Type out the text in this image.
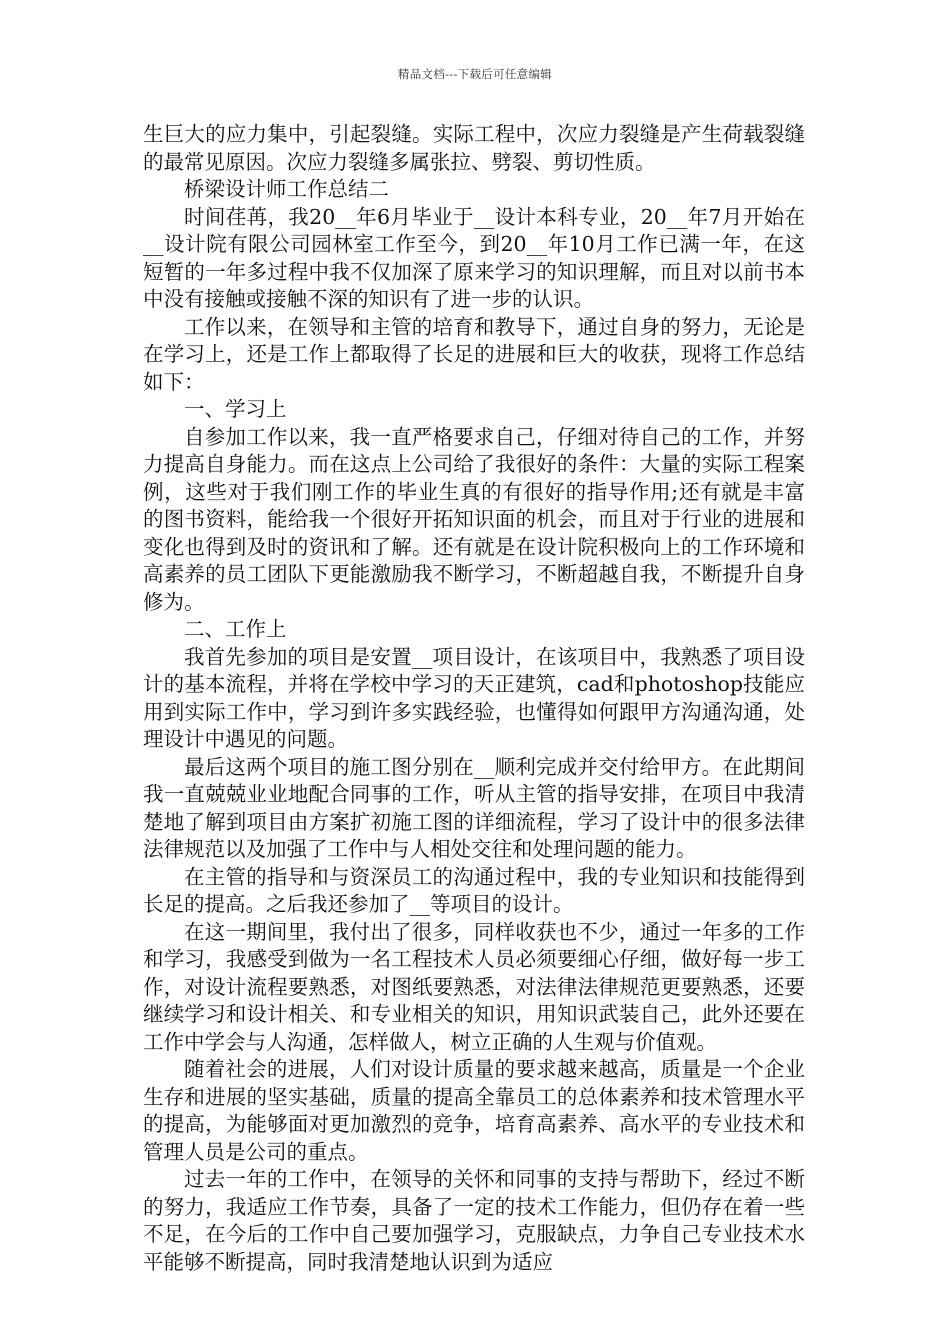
精品文档---下载后可任意编辑

生巨大的应力集中，引起裂缝。实际工程中，次应力裂缝是产生荷载裂缝的最常见原因。次应力裂缝多属张拉、劈裂、剪切性质。

桥梁设计师工作总结二

时间荏苒，我20__年6月毕业于__设计本科专业，20__年7月开始在__设计院有限公司园林室工作至今，到20__年10月工作已满一年，在这短暂的一年多过程中我不仅加深了原来学习的知识理解，而且对以前书本中没有接触或接触不深的知识有了进一步的认识。

工作以来，在领导和主管的培育和教导下，通过自身的努力，无论是在学习上，还是工作上都取得了长足的进展和巨大的收获，现将工作总结如下：

一、学习上

自参加工作以来，我一直严格要求自己，仔细对待自己的工作，并努力提高自身能力。而在这点上公司给了我很好的条件：大量的实际工程案例，这些对于我们刚工作的毕业生真的有很好的指导作用;还有就是丰富的图书资料，能给我一个很好开拓知识面的机会，而且对于行业的进展和变化也得到及时的资讯和了解。还有就是在设计院积极向上的工作环境和高素养的员工团队下更能激励我不断学习，不断超越自我，不断提升自身修为。

二、工作上

我首先参加的项目是安置__项目设计，在该项目中，我熟悉了项目设计的基本流程，并将在学校中学习的天正建筑，cad和photoshop技能应用到实际工作中，学习到许多实践经验，也懂得如何跟甲方沟通沟通，处理设计中遇见的问题。

最后这两个项目的施工图分别在__顺利完成并交付给甲方。在此期间我一直兢兢业业地配合同事的工作，听从主管的指导安排，在项目中我清楚地了解到项目由方案扩初施工图的详细流程，学习了设计中的很多法律法律规范以及加强了工作中与人相处交往和处理问题的能力。

在主管的指导和与资深员工的沟通过程中，我的专业知识和技能得到长足的提高。之后我还参加了__等项目的设计。

在这一期间里，我付出了很多，同样收获也不少，通过一年多的工作和学习，我感受到做为一名工程技术人员必须要细心仔细，做好每一步工作，对设计流程要熟悉，对图纸要熟悉，对法律法律规范更要熟悉，还要继续学习和设计相关、和专业相关的知识，用知识武装自己，此外还要在工作中学会与人沟通，怎样做人，树立正确的人生观与价值观。

随着社会的进展，人们对设计质量的要求越来越高，质量是一个企业生存和进展的坚实基础，质量的提高全靠员工的总体素养和技术管理水平的提高，为能够面对更加激烈的竞争，培育高素养、高水平的专业技术和管理人员是公司的重点。

过去一年的工作中，在领导的关怀和同事的支持与帮助下，经过不断的努力，我适应工作节奏，具备了一定的技术工作能力，但仍存在着一些不足，在今后的工作中自己要加强学习，克服缺点，力争自己专业技术水平能够不断提高，同时我清楚地认识到为适应
